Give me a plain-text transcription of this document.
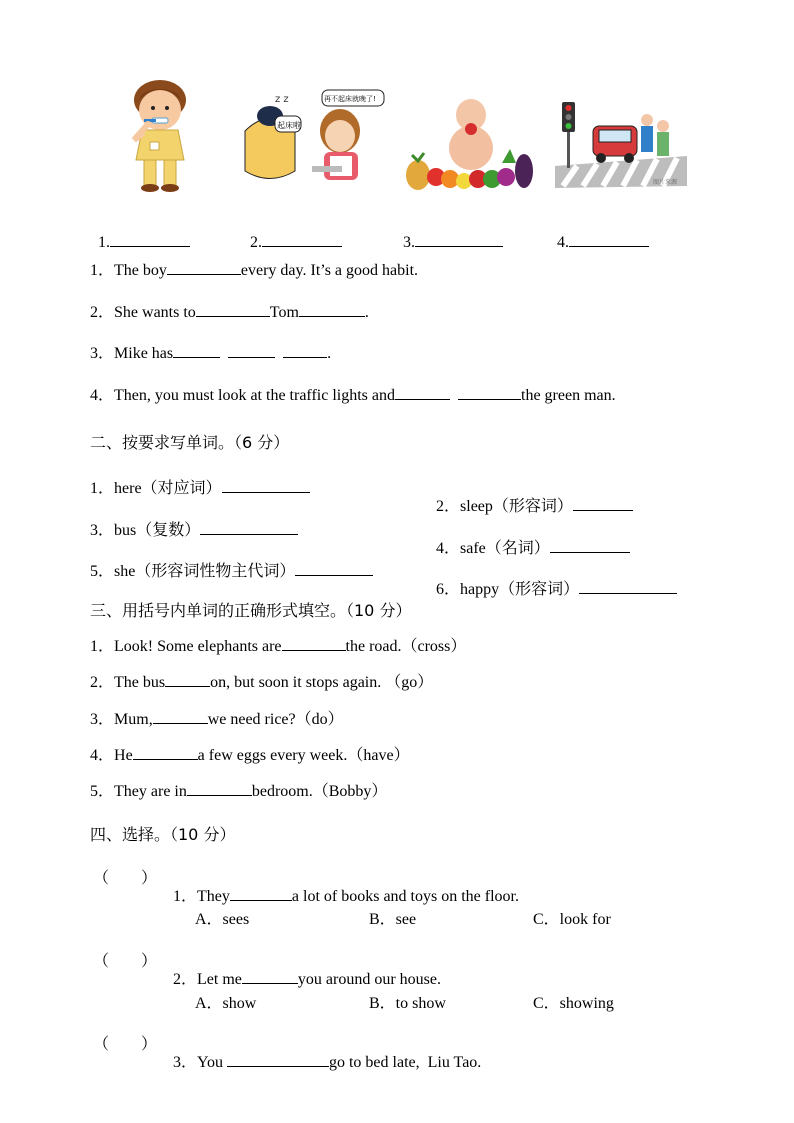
z z
起床啦
再不起床就晚了!
图片来源

1.	2.	3.	4.

1．The boy	every day. It’s a good habit.
2．She wants to	Tom	.
3．Mike has	.
4．Then, you must look at the traffic lights and	the green man.
二、按要求写单词。（6 分）
1．here（对应词）

2．sleep（形容词）

3．bus（复数）

4．safe（名词）

5．she（形容词性物主代词）

6．happy（形容词）

三、用括号内单词的正确形式填空。（10 分）
1．Look! Some elephants are	the road.（cross）
2．The bus	on, but soon it stops again. （go）
3．Mum,	we need rice?（do）
4．He	a few eggs every week.（have）
5．They are in	bedroom.（Bobby）
四、选择。（10 分）
（        ）

1．They	a lot of books and toys on the floor.

A．sees	B．see	C．look for
（        ）

2．Let me	you around our house.

A．show	B．to show	C．showing
（        ）

3．You	go to bed late,  Liu Tao.
